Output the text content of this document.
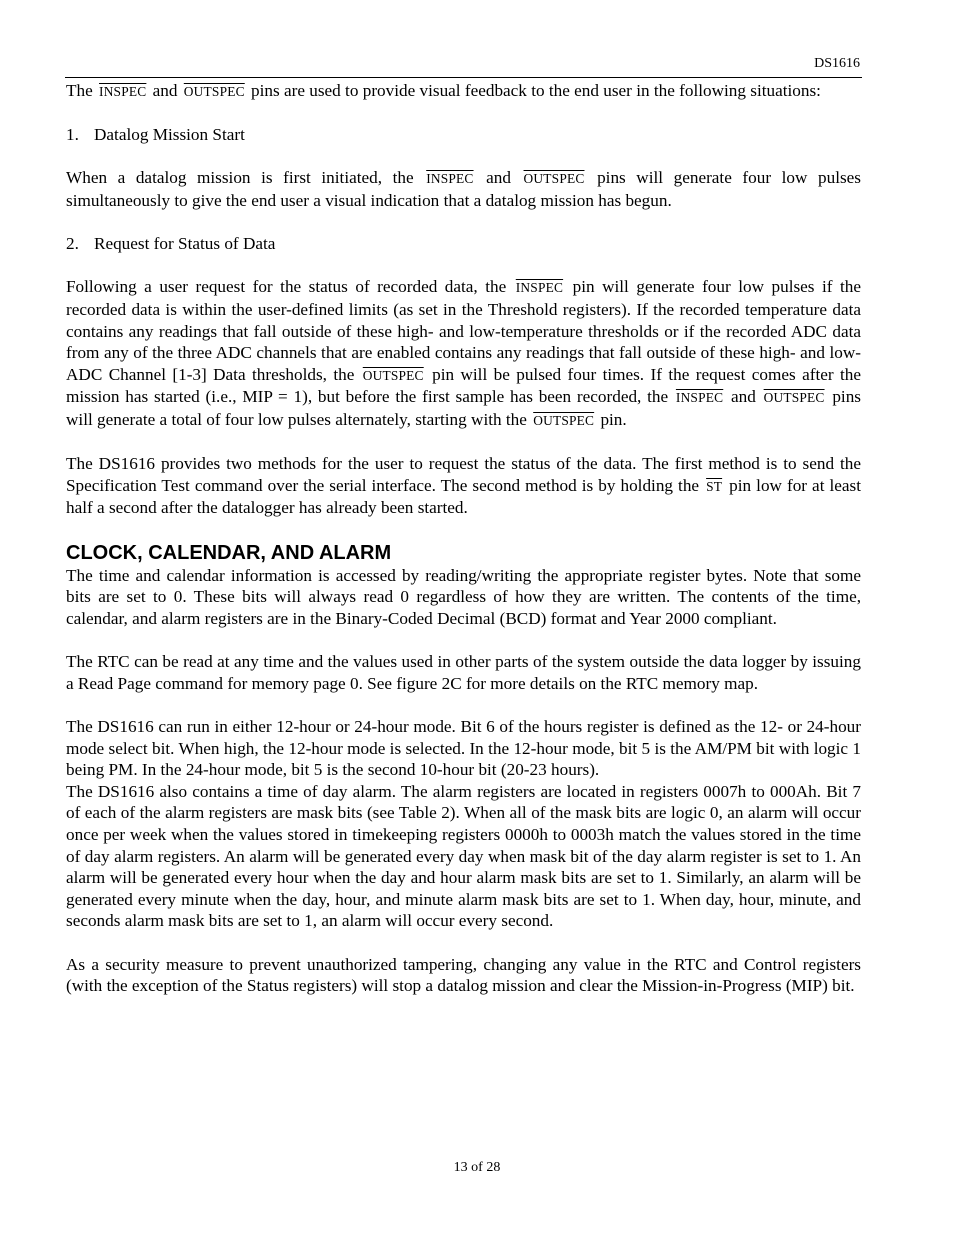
DS1616

The INSPEC and OUTSPEC pins are used to provide visual feedback to the end user in the following situations:

1. Datalog Mission Start

When a datalog mission is first initiated, the INSPEC and OUTSPEC pins will generate four low pulses simultaneously to give the end user a visual indication that a datalog mission has begun.

2. Request for Status of Data

Following a user request for the status of recorded data, the INSPEC pin will generate four low pulses if the recorded data is within the user-defined limits (as set in the Threshold registers). If the recorded temperature data contains any readings that fall outside of these high- and low-temperature thresholds or if the recorded ADC data from any of the three ADC channels that are enabled contains any readings that fall outside of these high- and low-ADC Channel [1-3] Data thresholds, the OUTSPEC pin will be pulsed four times. If the request comes after the mission has started (i.e., MIP = 1), but before the first sample has been recorded, the INSPEC and OUTSPEC pins will generate a total of four low pulses alternately, starting with the OUTSPEC pin.

The DS1616 provides two methods for the user to request the status of the data. The first method is to send the Specification Test command over the serial interface. The second method is by holding the $\overline{ST}$ pin low for at least half a second after the datalogger has already been started.

CLOCK, CALENDAR, AND ALARM

The time and calendar information is accessed by reading/writing the appropriate register bytes. Note that some bits are set to 0. These bits will always read 0 regardless of how they are written. The contents of the time, calendar, and alarm registers are in the Binary-Coded Decimal (BCD) format and Year 2000 compliant.

The RTC can be read at any time and the values used in other parts of the system outside the data logger by issuing a Read Page command for memory page 0. See figure 2C for more details on the RTC memory map.

The DS1616 can run in either 12-hour or 24-hour mode. Bit 6 of the hours register is defined as the 12- or 24-hour mode select bit. When high, the 12-hour mode is selected. In the 12-hour mode, bit 5 is the AM/PM bit with logic 1 being PM. In the 24-hour mode, bit 5 is the second 10-hour bit (20-23 hours).

The DS1616 also contains a time of day alarm. The alarm registers are located in registers 0007h to 000Ah. Bit 7 of each of the alarm registers are mask bits (see Table 2). When all of the mask bits are logic 0, an alarm will occur once per week when the values stored in timekeeping registers 0000h to 0003h match the values stored in the time of day alarm registers. An alarm will be generated every day when mask bit of the day alarm register is set to 1. An alarm will be generated every hour when the day and hour alarm mask bits are set to 1. Similarly, an alarm will be generated every minute when the day, hour, and minute alarm mask bits are set to 1. When day, hour, minute, and seconds alarm mask bits are set to 1, an alarm will occur every second.

As a security measure to prevent unauthorized tampering, changing any value in the RTC and Control registers (with the exception of the Status registers) will stop a datalog mission and clear the Mission-in-Progress (MIP) bit.

13 of 28
